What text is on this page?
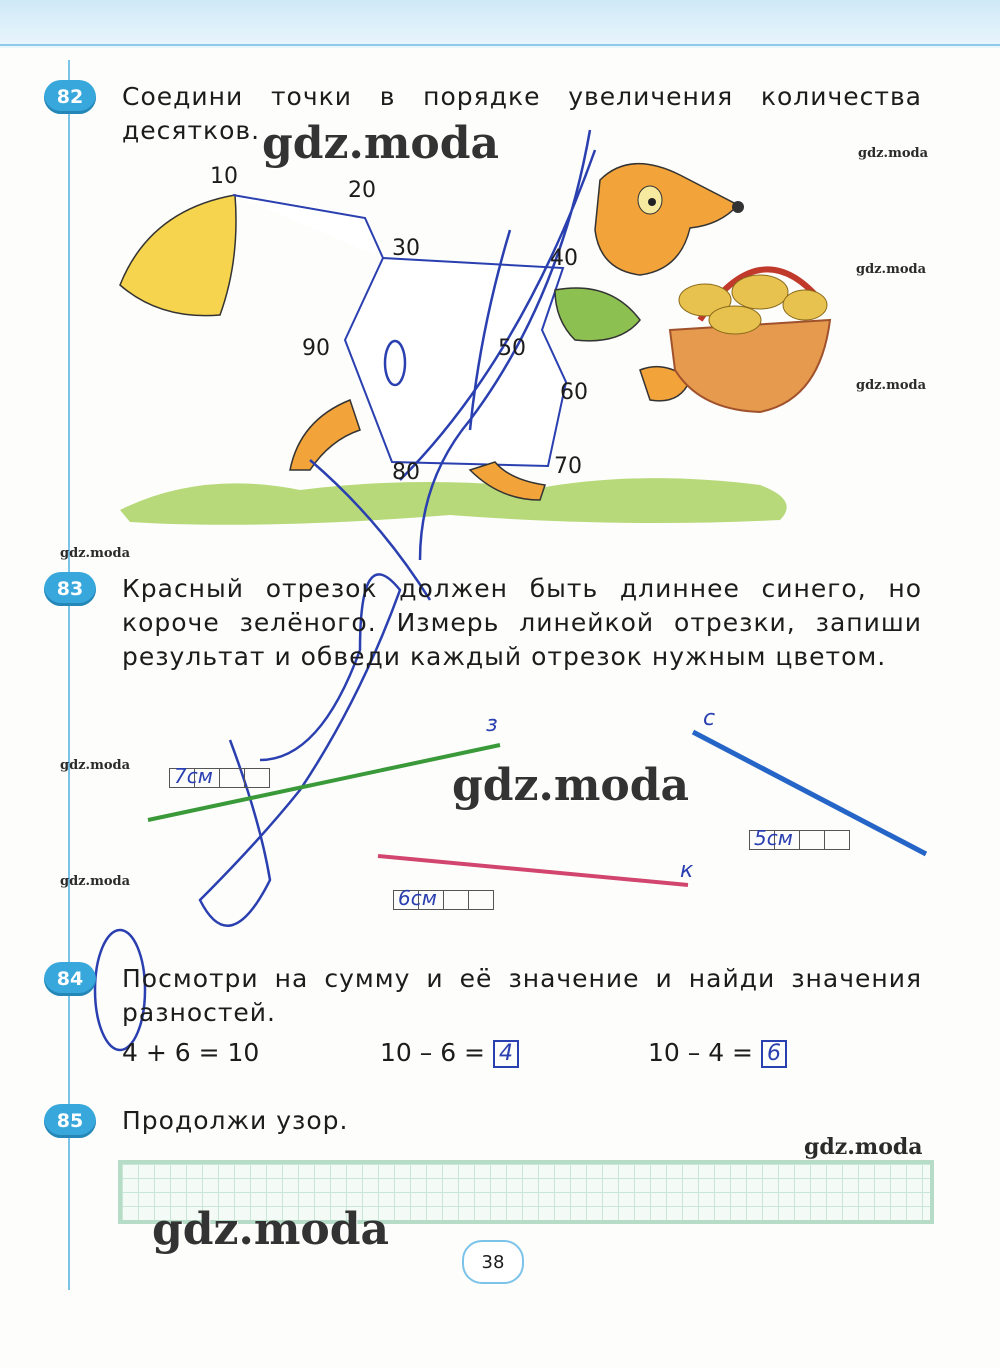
82	Соедини точки в порядке увеличения количества десятков.
10
20
30	40
50
60
70
80
90
83	Красный отрезок должен быть длиннее синего, но короче зелёного. Измерь линейкой отрезки, запиши результат и обведи каждый отрезок нужным цветом.
з	с
к
7см
5см
6см
84	Посмотри на сумму и её значение и найди значения разностей.
4 + 6 = 10	10 – 6 = 4	10 – 4 = 6
85	Продолжи узор.
gdz.moda
gdz.moda
gdz.moda
gdz.moda
gdz.moda
gdz.moda
gdz.moda
gdz.moda
gdz.moda
gdz.moda
38
